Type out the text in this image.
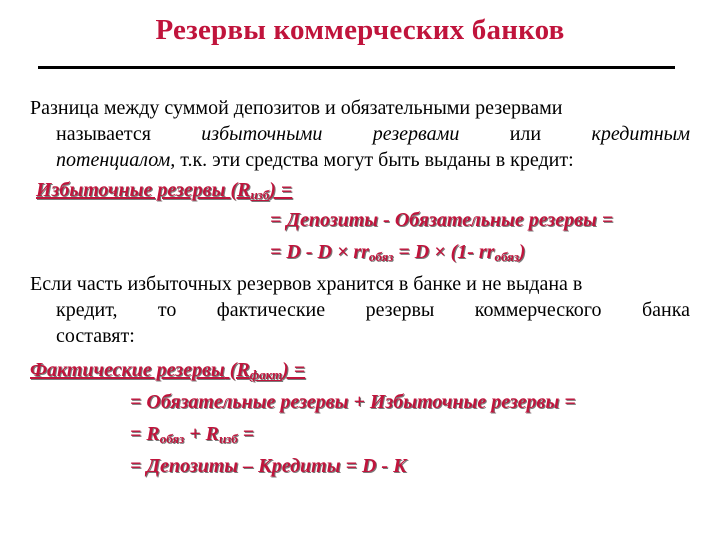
Резервы коммерческих банков
Разница между суммой депозитов и обязательными резервами
называется	избыточными	резервами	или	кредитным
потенциалом, т.к. эти средства могут быть выданы в кредит:
Избыточные резервы $(R_{изб})$ =
= Депозиты - Обязательные резервы =
= $D - D \times rr_{обяз} = D \times (1-$ $rr_{обяз}$)
Если часть избыточных резервов хранится в банке и не выдана в
кредит, то фактические резервы коммерческого банка
составят:
Фактические резервы $(R_{факт})$ =
= Обязательные резервы + Избыточные резервы =
= $R_{обяз} + R_{изб}$ =
= Депозиты – Кредиты = D - K
